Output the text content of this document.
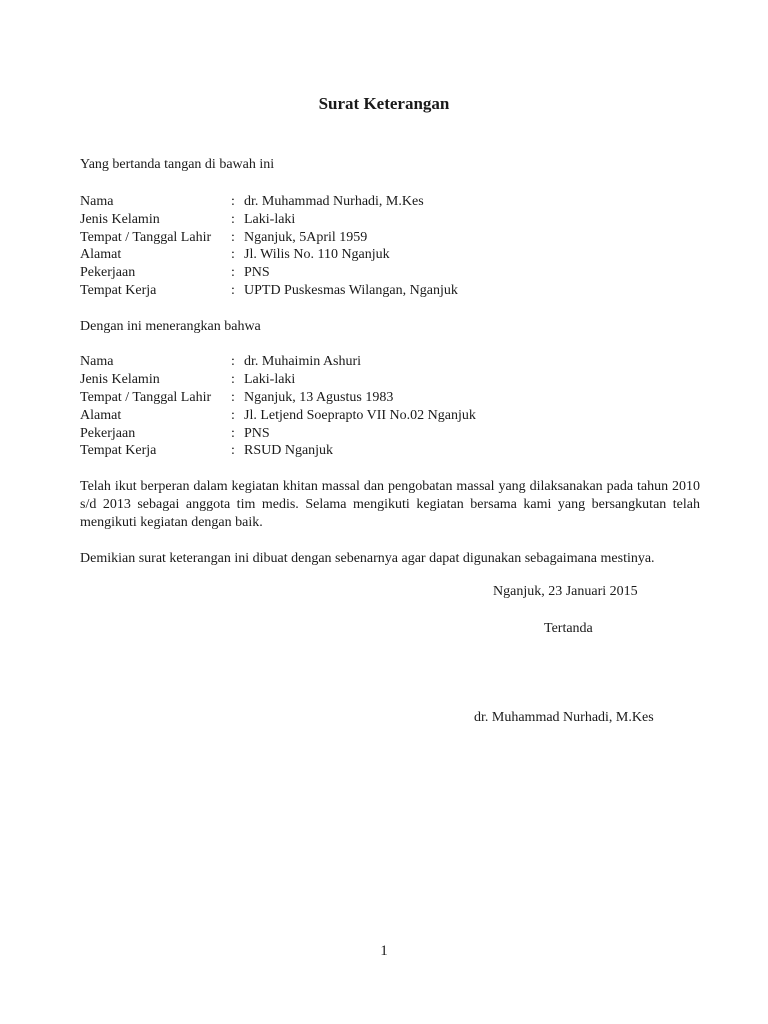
Surat Keterangan
Yang bertanda tangan di bawah ini
Nama	: dr. Muhammad Nurhadi, M.Kes
Jenis Kelamin	: Laki-laki
Tempat / Tanggal Lahir : Nganjuk, 5April 1959
Alamat	: Jl. Wilis No. 110 Nganjuk
Pekerjaan	: PNS
Tempat Kerja	: UPTD Puskesmas Wilangan, Nganjuk
Dengan ini menerangkan bahwa
Nama	: dr. Muhaimin Ashuri
Jenis Kelamin	: Laki-laki
Tempat / Tanggal Lahir : Nganjuk, 13 Agustus 1983
Alamat	: Jl. Letjend Soeprapto VII No.02 Nganjuk
Pekerjaan	: PNS
Tempat Kerja	: RSUD Nganjuk

Telah ikut berperan dalam kegiatan khitan massal dan pengobatan massal yang dilaksanakan pada tahun 2010 s/d 2013 sebagai anggota tim medis. Selama mengikuti kegiatan bersama kami yang bersangkutan telah mengikuti kegiatan dengan baik.

Demikian surat keterangan ini dibuat dengan sebenarnya agar dapat digunakan sebagaimana mestinya.

Nganjuk, 23 Januari 2015
Tertanda
dr. Muhammad Nurhadi, M.Kes
1
